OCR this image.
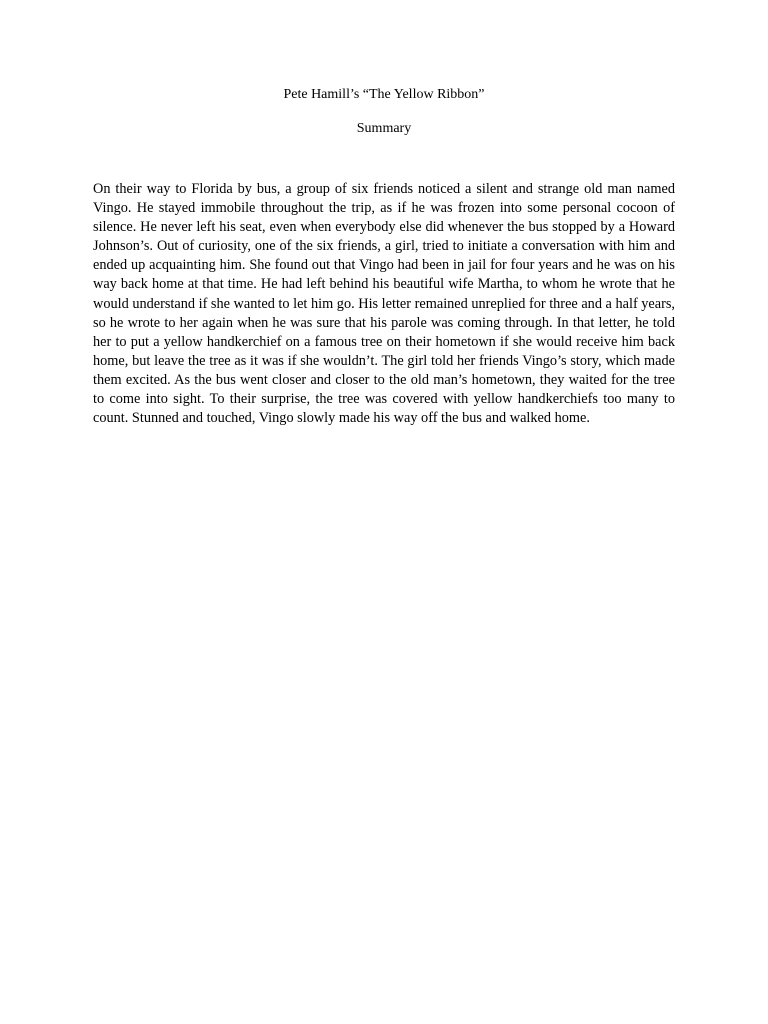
Pete Hamill’s “The Yellow Ribbon”
Summary

On their way to Florida by bus, a group of six friends noticed a silent and strange old man named Vingo. He stayed immobile throughout the trip, as if he was frozen into some personal cocoon of silence. He never left his seat, even when everybody else did whenever the bus stopped by a Howard Johnson’s. Out of curiosity, one of the six friends, a girl, tried to initiate a conversation with him and ended up acquainting him. She found out that Vingo had been in jail for four years and he was on his way back home at that time. He had left behind his beautiful wife Martha, to whom he wrote that he would understand if she wanted to let him go. His letter remained unreplied for three and a half years, so he wrote to her again when he was sure that his parole was coming through. In that letter, he told her to put a yellow handkerchief on a famous tree on their hometown if she would receive him back home, but leave the tree as it was if she wouldn’t. The girl told her friends Vingo’s story, which made them excited. As the bus went closer and closer to the old man’s hometown, they waited for the tree to come into sight. To their surprise, the tree was covered with yellow handkerchiefs too many to count. Stunned and touched, Vingo slowly made his way off the bus and walked home.
